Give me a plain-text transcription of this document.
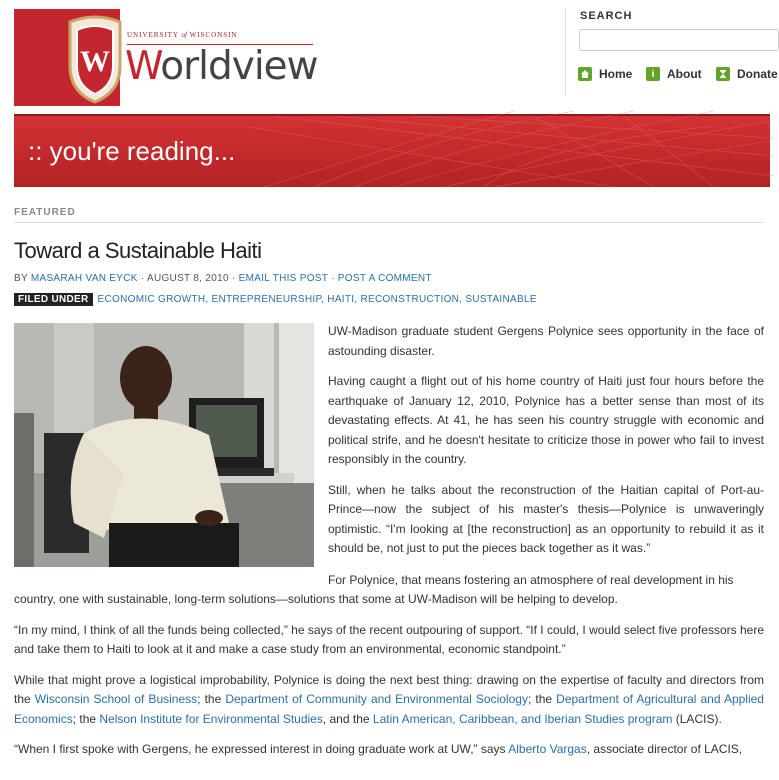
W
UNIVERSITY of WISCONSIN
Worldview
SEARCH
Home	i	About	Donate
:: you're reading...
FEATURED
Toward a Sustainable Haiti
BY MASARAH VAN EYCK · AUGUST 8, 2010 · EMAIL THIS POST · POST A COMMENT
FILED UNDER ECONOMIC GROWTH, ENTREPRENEURSHIP, HAITI, RECONSTRUCTION, SUSTAINABLE

UW-Madison graduate student Gergens Polynice sees opportunity in the face of astounding disaster.

Having caught a flight out of his home country of Haiti just four hours before the earthquake of January 12, 2010, Polynice has a better sense than most of its devastating effects. At 41, he has seen his country struggle with economic and political strife, and he doesn't hesitate to criticize those in power who fail to invest responsibly in the country.

Still, when he talks about the reconstruction of the Haitian capital of Port-au-Prince—now the subject of his master's thesis—Polynice is unwaveringly optimistic. “I'm looking at [the reconstruction] as an opportunity to rebuild it as it should be, not just to put the pieces back together as it was.”

For Polynice, that means fostering an atmosphere of real development in his

country, one with sustainable, long-term solutions—solutions that some at UW-Madison will be helping to develop.

“In my mind, I think of all the funds being collected,” he says of the recent outpouring of support. “If I could, I would select five professors here and take them to Haiti to look at it and make a case study from an environmental, economic standpoint.”

While that might prove a logistical improbability, Polynice is doing the next best thing: drawing on the expertise of faculty and directors from the Wisconsin School of Business; the Department of Community and Environmental Sociology; the Department of Agricultural and Applied Economics; the Nelson Institute for Environmental Studies, and the Latin American, Caribbean, and Iberian Studies program (LACIS).

“When I first spoke with Gergens, he expressed interest in doing graduate work at UW,” says Alberto Vargas, associate director of LACIS,
